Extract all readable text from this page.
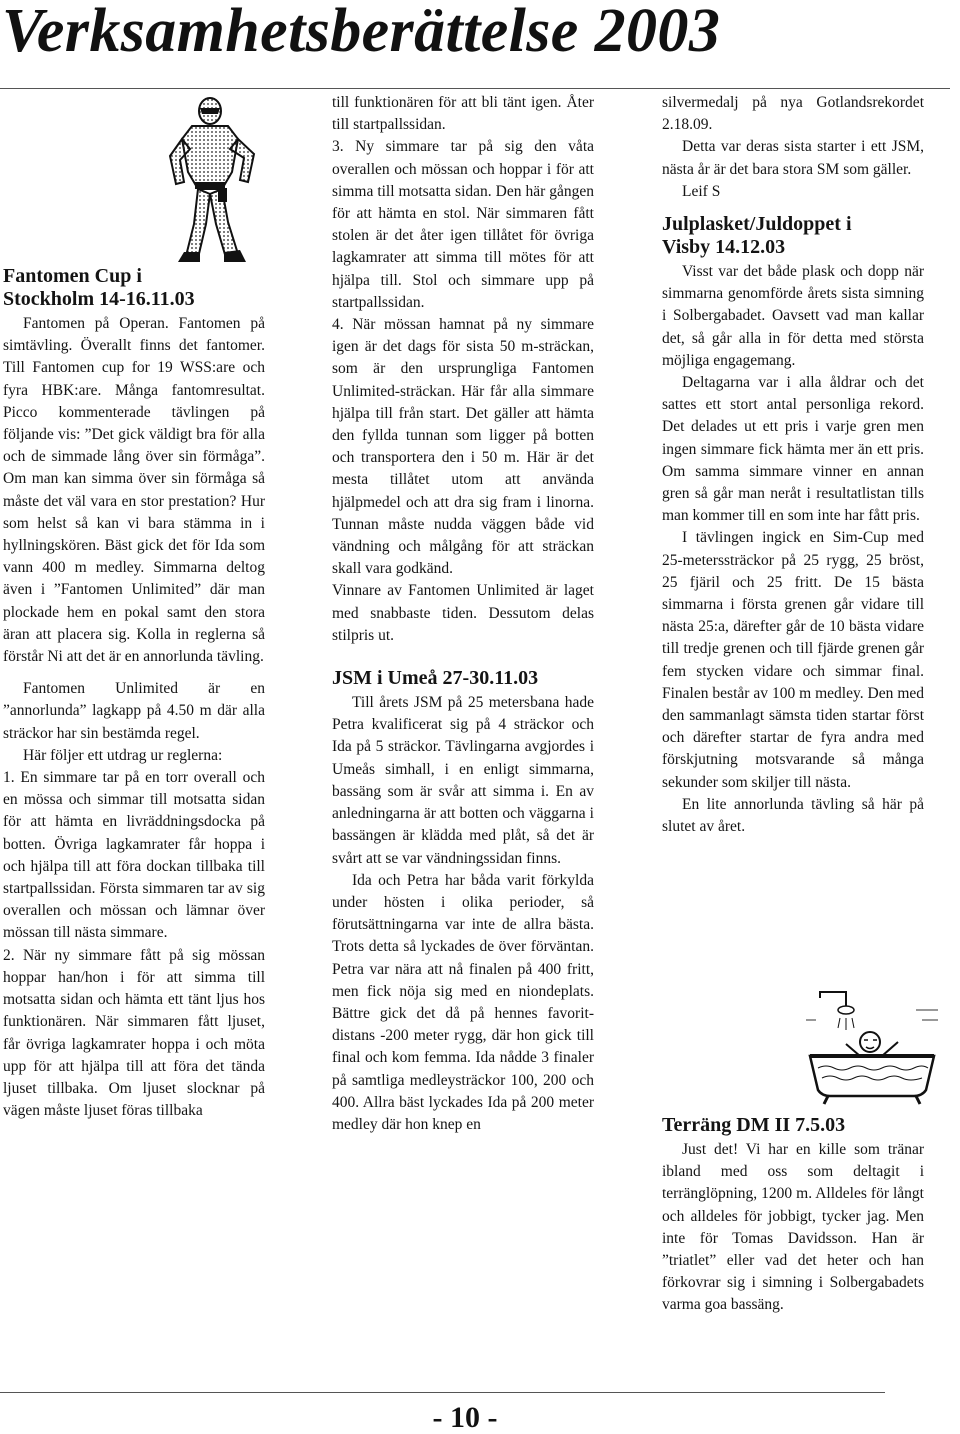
Verksamhetsberättelse 2003
Fantomen Cup i
Stockholm 14-16.11.03

Fantomen på Operan. Fantomen på simtävling. Överallt finns det fantomer. Till Fantomen cup for 19 WSS:are och fyra HBK:are. Många fantomresultat. Picco kommenterade tävlingen på följande vis: ”Det gick väldigt bra för alla och de simmade lång över sin förmåga”. Om man kan simma över sin förmåga så måste det väl vara en stor prestation? Hur som helst så kan vi bara stämma in i hyllningskören. Bäst gick det för Ida som vann 400 m medley. Simmarna deltog även i ”Fantomen Unlimited” där man plockade hem en pokal samt den stora äran att placera sig. Kolla in reglerna så förstår Ni att det är en annorlunda tävling.

Fantomen Unlimited är en ”annorlunda” lagkapp på 4.50 m där alla sträckor har sin bestämda regel.

Här följer ett utdrag ur reglerna:

1. En simmare tar på en torr overall och en mössa och simmar till motsatta sidan för att hämta en livräddningsdocka på botten. Övriga lagkamrater får hoppa i och hjälpa till att föra dockan tillbaka till startpallssidan. Första simmaren tar av sig overallen och mössan och lämnar över mössan till nästa simmare.

2. När ny simmare fått på sig mössan hoppar han/hon i för att simma till motsatta sidan och hämta ett tänt ljus hos funktionären. När simmaren fått ljuset, får övriga lagkamrater hoppa i och möta upp för att hjälpa till att föra det tända ljuset tillbaka. Om ljuset slocknar på vägen måste ljuset föras tillbaka

till funktionären för att bli tänt igen. Åter till startpallssidan.

3. Ny simmare tar på sig den våta overallen och mössan och hoppar i för att simma till motsatta sidan. Den här gången för att hämta en stol. När simmaren fått stolen är det åter igen tillåtet för övriga lagkamrater att simma till mötes för att hjälpa till. Stol och simmare upp på startpallssidan.

4. När mössan hamnat på ny simmare igen är det dags för sista 50 m-sträckan, som är den ursprungliga Fantomen Unlimited-sträckan. Här får alla simmare hjälpa till från start. Det gäller att hämta den fyllda tunnan som ligger på botten och transportera den i 50 m. Här är det mesta tillåtet utom att använda hjälpmedel och att dra sig fram i linorna. Tunnan måste nudda väggen både vid vändning och målgång för att sträckan skall vara godkänd.

Vinnare av Fantomen Unlimited är laget med snabbaste tiden. Dessutom delas stilpris ut.

JSM i Umeå 27-30.11.03

Till årets JSM på 25 metersbana hade Petra kvalificerat sig på 4 sträckor och Ida på 5 sträckor. Tävlingarna avgjordes i Umeås simhall, i en enligt simmarna, bassäng som är svår att simma i. En av anledningarna är att botten och väggarna i bassängen är klädda med plåt, så det är svårt att se var vändningssidan finns.

Ida och Petra har båda varit förkylda under hösten i olika perioder, så förutsättningarna var inte de allra bästa. Trots detta så lyckades de över förväntan. Petra var nära att nå finalen på 400 fritt, men fick nöja sig med en niondeplats. Bättre gick det då på hennes favoritdistans -200 meter rygg, där hon gick till final och kom femma. Ida nådde 3 finaler på samtliga medleysträckor 100, 200 och 400. Allra bäst lyckades Ida på 200 meter medley där hon knep en

silvermedalj på nya Gotlandsrekordet 2.18.09.

Detta var deras sista starter i ett JSM, nästa år är det bara stora SM som gäller.

Leif S

Julplasket/Juldoppet i
Visby 14.12.03

Visst var det både plask och dopp när simmarna genomförde årets sista simning i Solbergabadet. Oavsett vad man kallar det, så går alla in för detta med största möjliga engagemang.

Deltagarna var i alla åldrar och det sattes ett stort antal personliga rekord. Det delades ut ett pris i varje gren men ingen simmare fick hämta mer än ett pris. Om samma simmare vinner en annan gren så går man neråt i resultatlistan tills man kommer till en som inte har fått pris.

I tävlingen ingick en Sim-Cup med 25-meterssträckor på 25 rygg, 25 bröst, 25 fjäril och 25 fritt. De 15 bästa simmarna i första grenen går vidare till nästa 25:a, därefter går de 10 bästa vidare till tredje grenen och till fjärde grenen går fem stycken vidare och simmar final. Finalen består av 100 m medley. Den med den sammanlagt sämsta tiden startar först och därefter startar de fyra andra med förskjutning motsvarande så många sekunder som skiljer till nästa.

En lite annorlunda tävling så här på slutet av året.

Terräng DM II 7.5.03

Just det! Vi har en kille som tränar ibland med oss som deltagit i terränglöpning, 1200 m. Alldeles för långt och alldeles för jobbigt, tycker jag. Men inte för Tomas Davidsson. Han är ”triatlet” eller vad det heter och han förkovrar sig i simning i Solbergabadets varma goa bassäng.

- 10 -
